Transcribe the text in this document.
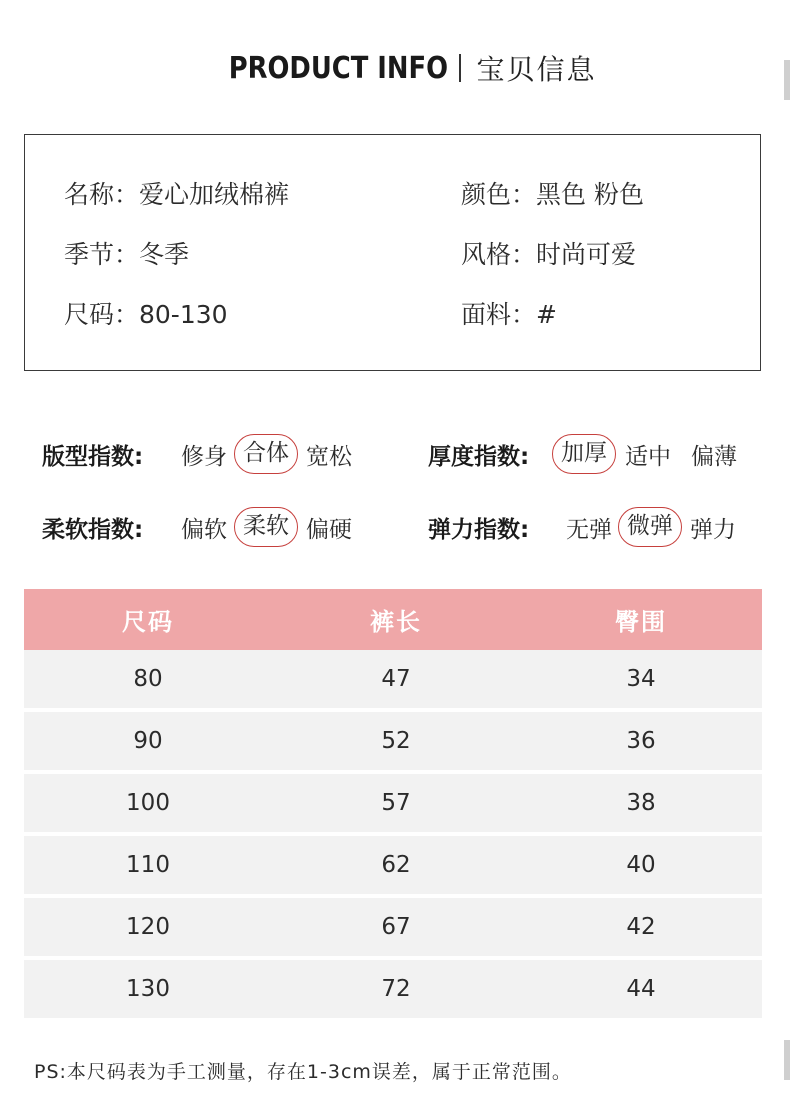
PRODUCT INFO 宝贝信息
名称：爱心加绒棉裤	颜色：黑色 粉色
季节：冬季	风格：时尚可爱
尺码：80-130	面料：#
版型指数:	修身 合体 宽松	厚度指数:	加厚 适中 偏薄
柔软指数:	偏软 柔软 偏硬	弹力指数:	无弹 微弹 弹力
尺码	裤长	臀围
80	47	34
90	52	36
100	57	38
110	62	40
120	67	42
130	72	44
PS:本尺码表为手工测量，存在1-3cm误差，属于正常范围。
